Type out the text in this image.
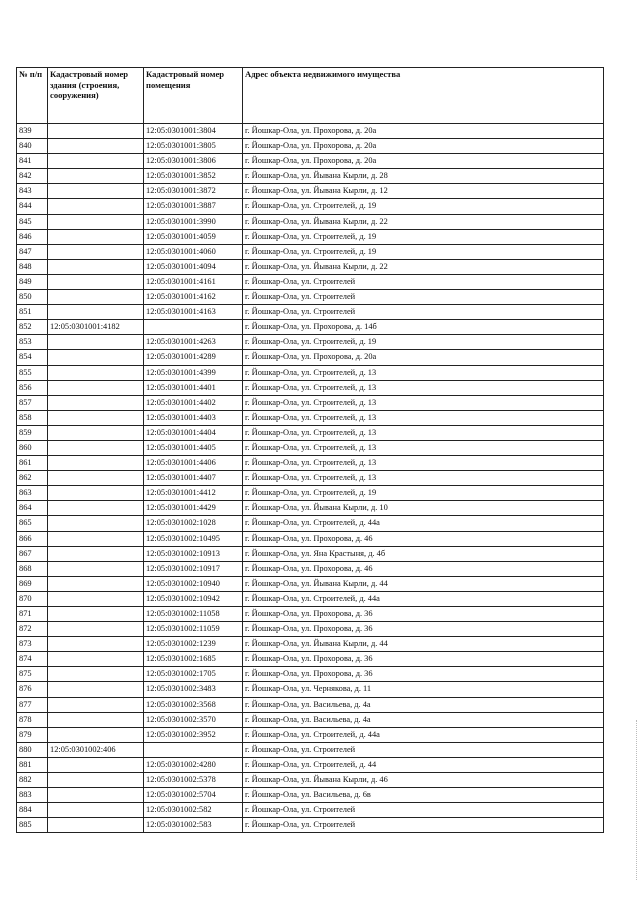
№ п/п	Кадастровый номер здания (строения, сооружения)	Кадастровый номер помещения	Адрес объекта недвижимого имущества
839		12:05:0301001:3804	г. Йошкар-Ола, ул. Прохорова, д. 20а
840		12:05:0301001:3805	г. Йошкар-Ола, ул. Прохорова, д. 20а
841		12:05:0301001:3806	г. Йошкар-Ола, ул. Прохорова, д. 20а
842		12:05:0301001:3852	г. Йошкар-Ола, ул. Йывана Кырли, д. 28
843		12:05:0301001:3872	г. Йошкар-Ола, ул. Йывана Кырли, д. 12
844		12:05:0301001:3887	г. Йошкар-Ола, ул. Строителей, д. 19
845		12:05:0301001:3990	г. Йошкар-Ола, ул. Йывана Кырли, д. 22
846		12:05:0301001:4059	г. Йошкар-Ола, ул. Строителей, д. 19
847		12:05:0301001:4060	г. Йошкар-Ола, ул. Строителей, д. 19
848		12:05:0301001:4094	г. Йошкар-Ола, ул. Йывана Кырли, д. 22
849		12:05:0301001:4161	г. Йошкар-Ола, ул. Строителей
850		12:05:0301001:4162	г. Йошкар-Ола, ул. Строителей
851		12:05:0301001:4163	г. Йошкар-Ола, ул. Строителей
852	12:05:0301001:4182		г. Йошкар-Ола, ул. Прохорова, д. 14б
853		12:05:0301001:4263	г. Йошкар-Ола, ул. Строителей, д. 19
854		12:05:0301001:4289	г. Йошкар-Ола, ул. Прохорова, д. 20а
855		12:05:0301001:4399	г. Йошкар-Ола, ул. Строителей, д. 13
856		12:05:0301001:4401	г. Йошкар-Ола, ул. Строителей, д. 13
857		12:05:0301001:4402	г. Йошкар-Ола, ул. Строителей, д. 13
858		12:05:0301001:4403	г. Йошкар-Ола, ул. Строителей, д. 13
859		12:05:0301001:4404	г. Йошкар-Ола, ул. Строителей, д. 13
860		12:05:0301001:4405	г. Йошкар-Ола, ул. Строителей, д. 13
861		12:05:0301001:4406	г. Йошкар-Ола, ул. Строителей, д. 13
862		12:05:0301001:4407	г. Йошкар-Ола, ул. Строителей, д. 13
863		12:05:0301001:4412	г. Йошкар-Ола, ул. Строителей, д. 19
864		12:05:0301001:4429	г. Йошкар-Ола, ул. Йывана Кырли, д. 10
865		12:05:0301002:1028	г. Йошкар-Ола, ул. Строителей, д. 44а
866		12:05:0301002:10495	г. Йошкар-Ола, ул. Прохорова, д. 46
867		12:05:0301002:10913	г. Йошкар-Ола, ул. Яна Крастыня, д. 4б
868		12:05:0301002:10917	г. Йошкар-Ола, ул. Прохорова, д. 46
869		12:05:0301002:10940	г. Йошкар-Ола, ул. Йывана Кырли, д. 44
870		12:05:0301002:10942	г. Йошкар-Ола, ул. Строителей, д. 44а
871		12:05:0301002:11058	г. Йошкар-Ола, ул. Прохорова, д. 36
872		12:05:0301002:11059	г. Йошкар-Ола, ул. Прохорова, д. 36
873		12:05:0301002:1239	г. Йошкар-Ола, ул. Йывана Кырли, д. 44
874		12:05:0301002:1685	г. Йошкар-Ола, ул. Прохорова, д. 36
875		12:05:0301002:1705	г. Йошкар-Ола, ул. Прохорова, д. 36
876		12:05:0301002:3483	г. Йошкар-Ола, ул. Чернякова, д. 11
877		12:05:0301002:3568	г. Йошкар-Ола, ул. Васильева, д. 4а
878		12:05:0301002:3570	г. Йошкар-Ола, ул. Васильева, д. 4а
879		12:05:0301002:3952	г. Йошкар-Ола, ул. Строителей, д. 44а
880	12:05:0301002:406		г. Йошкар-Ола, ул. Строителей
881		12:05:0301002:4280	г. Йошкар-Ола, ул. Строителей, д. 44
882		12:05:0301002:5378	г. Йошкар-Ола, ул. Йывана Кырли, д. 46
883		12:05:0301002:5704	г. Йошкар-Ола, ул. Васильева, д. 6в
884		12:05:0301002:582	г. Йошкар-Ола, ул. Строителей
885		12:05:0301002:583	г. Йошкар-Ола, ул. Строителей
